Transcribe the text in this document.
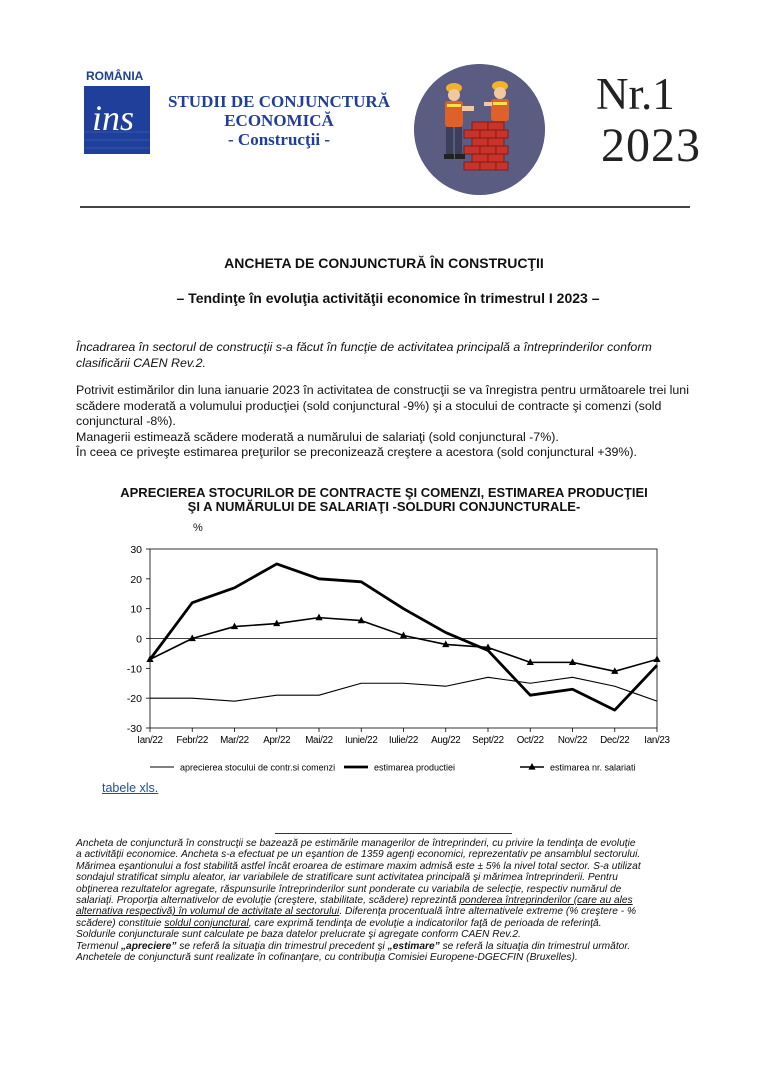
ROMÂNIA
ins	STUDII DE CONJUNCTURĂ
ECONOMICĂ
- Construcţii -
Nr.1
2023
ANCHETA DE CONJUNCTURĂ ÎN CONSTRUCŢII
– Tendinţe în evoluţia activităţii economice în trimestrul I 2023 –
Încadrarea în sectorul de construcţii s-a făcut în funcţie de activitatea principală a întreprinderilor conform
clasificării CAEN Rev.2.
Potrivit estimărilor din luna ianuarie 2023 în activitatea de construcţii se va înregistra pentru următoarele trei luni
scădere moderată a volumului producţiei (sold conjunctural -9%) şi a stocului de contracte şi comenzi (sold
conjunctural -8%).
Managerii estimează scădere moderată a numărului de salariaţi (sold conjunctural -7%).
În ceea ce priveşte estimarea preţurilor se preconizează creştere a acestora (sold conjunctural +39%).
APRECIEREA STOCURILOR DE CONTRACTE ŞI COMENZI, ESTIMAREA PRODUCŢIEI
ŞI A NUMĂRULUI DE SALARIAŢI -SOLDURI CONJUNCTURALE-
%
30
20
10
0
-10
-20
-30
Ian/22 Febr/22 Mar/22 Apr/22 Mai/22 Iunie/22 Iulie/22 Aug/22 Sept/22 Oct/22 Nov/22 Dec/22 Ian/23
aprecierea stocului de contr.si comenzi	estimarea productiei	estimarea nr. salariati
tabele xls.
Ancheta de conjunctură în construcţii se bazează pe estimările managerilor de întreprinderi, cu privire la tendinţa de evoluţie
a activităţii economice. Ancheta s-a efectuat pe un eşantion de 1359 agenţi economici, reprezentativ pe ansamblul sectorului.
Mărimea eşantionului a fost stabilită astfel încât eroarea de estimare maxim admisă este ± 5% la nivel total sector. S-a utilizat
sondajul stratificat simplu aleator, iar variabilele de stratificare sunt activitatea principală şi mărimea întreprinderii. Pentru
obţinerea rezultatelor agregate, răspunsurile întreprinderilor sunt ponderate cu variabila de selecţie, respectiv numărul de
salariaţi. Proporţia alternativelor de evoluţie (creştere, stabilitate, scădere) reprezintă ponderea întreprinderilor (care au ales
alternativa respectivă) în volumul de activitate al sectorului. Diferenţa procentuală între alternativele extreme (% creştere - %
scădere) constituie soldul conjunctural, care exprimă tendinţa de evoluţie a indicatorilor faţă de perioada de referinţă.
Soldurile conjuncturale sunt calculate pe baza datelor prelucrate şi agregate conform CAEN Rev.2.
Termenul „apreciere” se referă la situaţia din trimestrul precedent şi „estimare” se referă la situaţia din trimestrul următor.
Anchetele de conjunctură sunt realizate în cofinanţare, cu contribuţia Comisiei Europene-DGECFIN (Bruxelles).
